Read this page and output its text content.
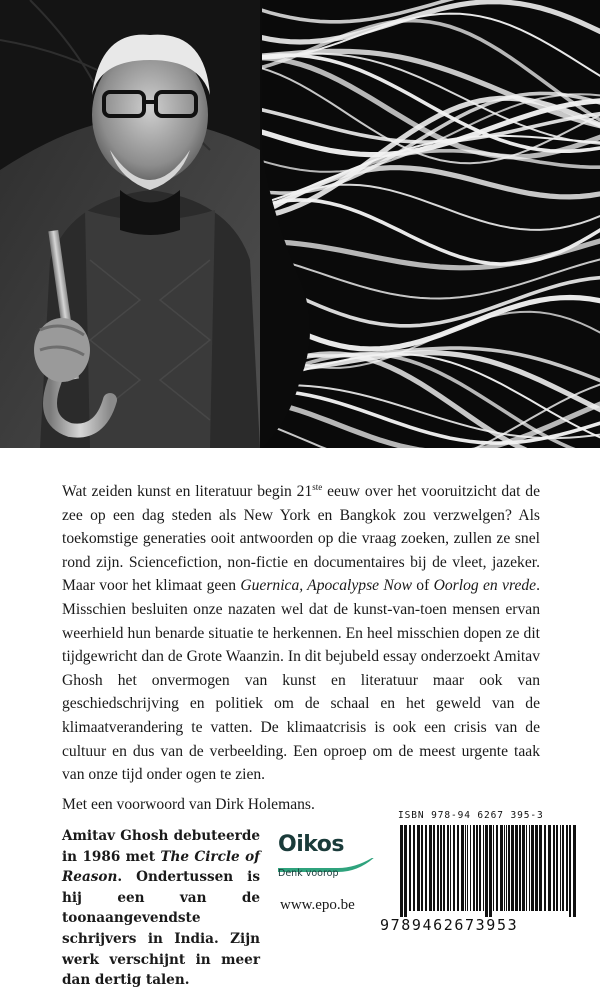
Wat zeiden kunst en literatuur begin 21ste eeuw over het vooruitzicht dat de zee op een dag steden als New York en Bangkok zou verzwelgen? Als toekomstige generaties ooit antwoorden op die vraag zoeken, zullen ze snel rond zijn. Sciencefiction, non-fictie en documentaires bij de vleet, jazeker. Maar voor het klimaat geen Guernica, Apocalypse Now of Oorlog en vrede. Misschien besluiten onze nazaten wel dat de kunst-van-toen mensen ervan weerhield hun benarde situatie te herkennen. En heel misschien dopen ze dit tijdgewricht dan de Grote Waanzin. In dit bejubeld essay onderzoekt Amitav Ghosh het onvermogen van kunst en literatuur maar ook van geschiedschrijving en politiek om de schaal en het geweld van de klimaatverandering te vatten. De klimaatcrisis is ook een crisis van de cultuur en dus van de verbeelding. Een oproep om de meest urgente taak van onze tijd onder ogen te zien.

Met een voorwoord van Dirk Holemans.

Amitav Ghosh debuteerde in 1986 met The Circle of Reason. Ondertussen is hij een van de toonaangevendste schrijvers in India. Zijn werk verschijnt in meer dan dertig talen.

Oikos
Denk voorop
www.epo.be
ISBN 978-94 6267 395-3
9789462673953
